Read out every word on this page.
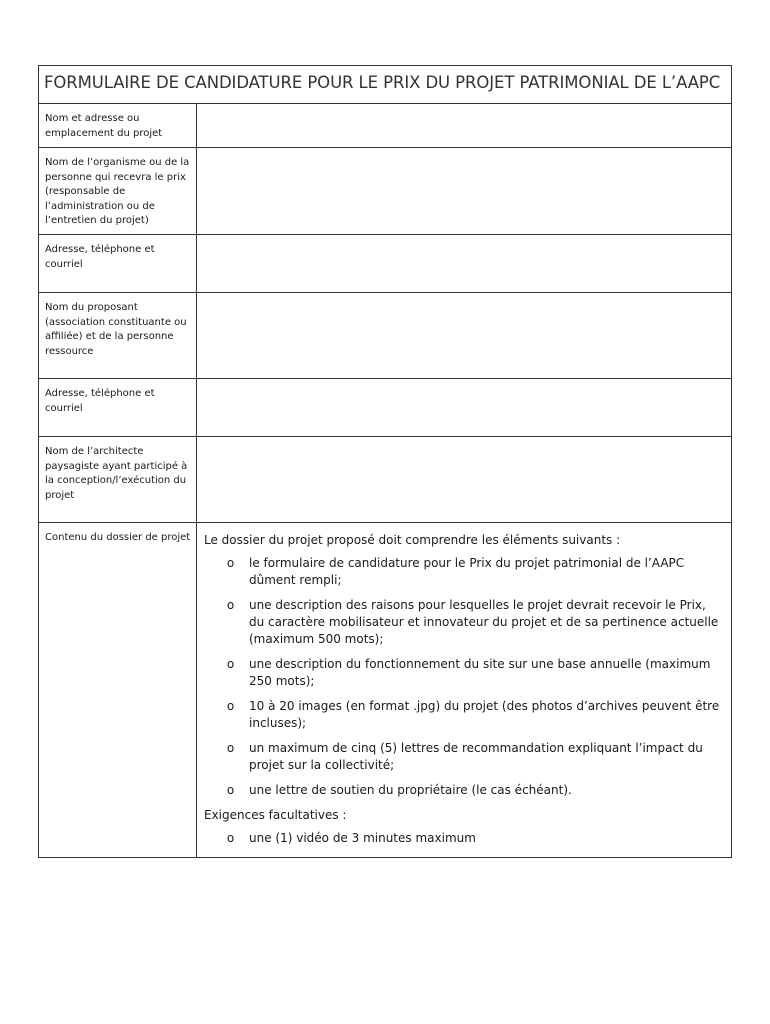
FORMULAIRE DE CANDIDATURE POUR LE PRIX DU PROJET PATRIMONIAL DE L’AAPC
Nom et adresse ou emplacement du projet
Nom de l’organisme ou de la personne qui recevra le prix (responsable de l’administration ou de l’entretien du projet)
Adresse, téléphone et courriel
Nom du proposant (association constituante ou affiliée) et de la personne ressource
Adresse, téléphone et courriel
Nom de l’architecte paysagiste ayant participé à la conception/l’exécution du projet
Contenu du dossier de projet	Le dossier du projet proposé doit comprendre les éléments suivants :
o	le formulaire de candidature pour le Prix du projet patrimonial de l’AAPC dûment rempli;
o	une description des raisons pour lesquelles le projet devrait recevoir le Prix, du caractère mobilisateur et innovateur du projet et de sa pertinence actuelle (maximum 500 mots);
o	une description du fonctionnement du site sur une base annuelle (maximum 250 mots);
o	10 à 20 images (en format .jpg) du projet (des photos d’archives peuvent être incluses);
o	un maximum de cinq (5) lettres de recommandation expliquant l’impact du projet sur la collectivité;
o	une lettre de soutien du propriétaire (le cas échéant).
Exigences facultatives :
o	une (1) vidéo de 3 minutes maximum
